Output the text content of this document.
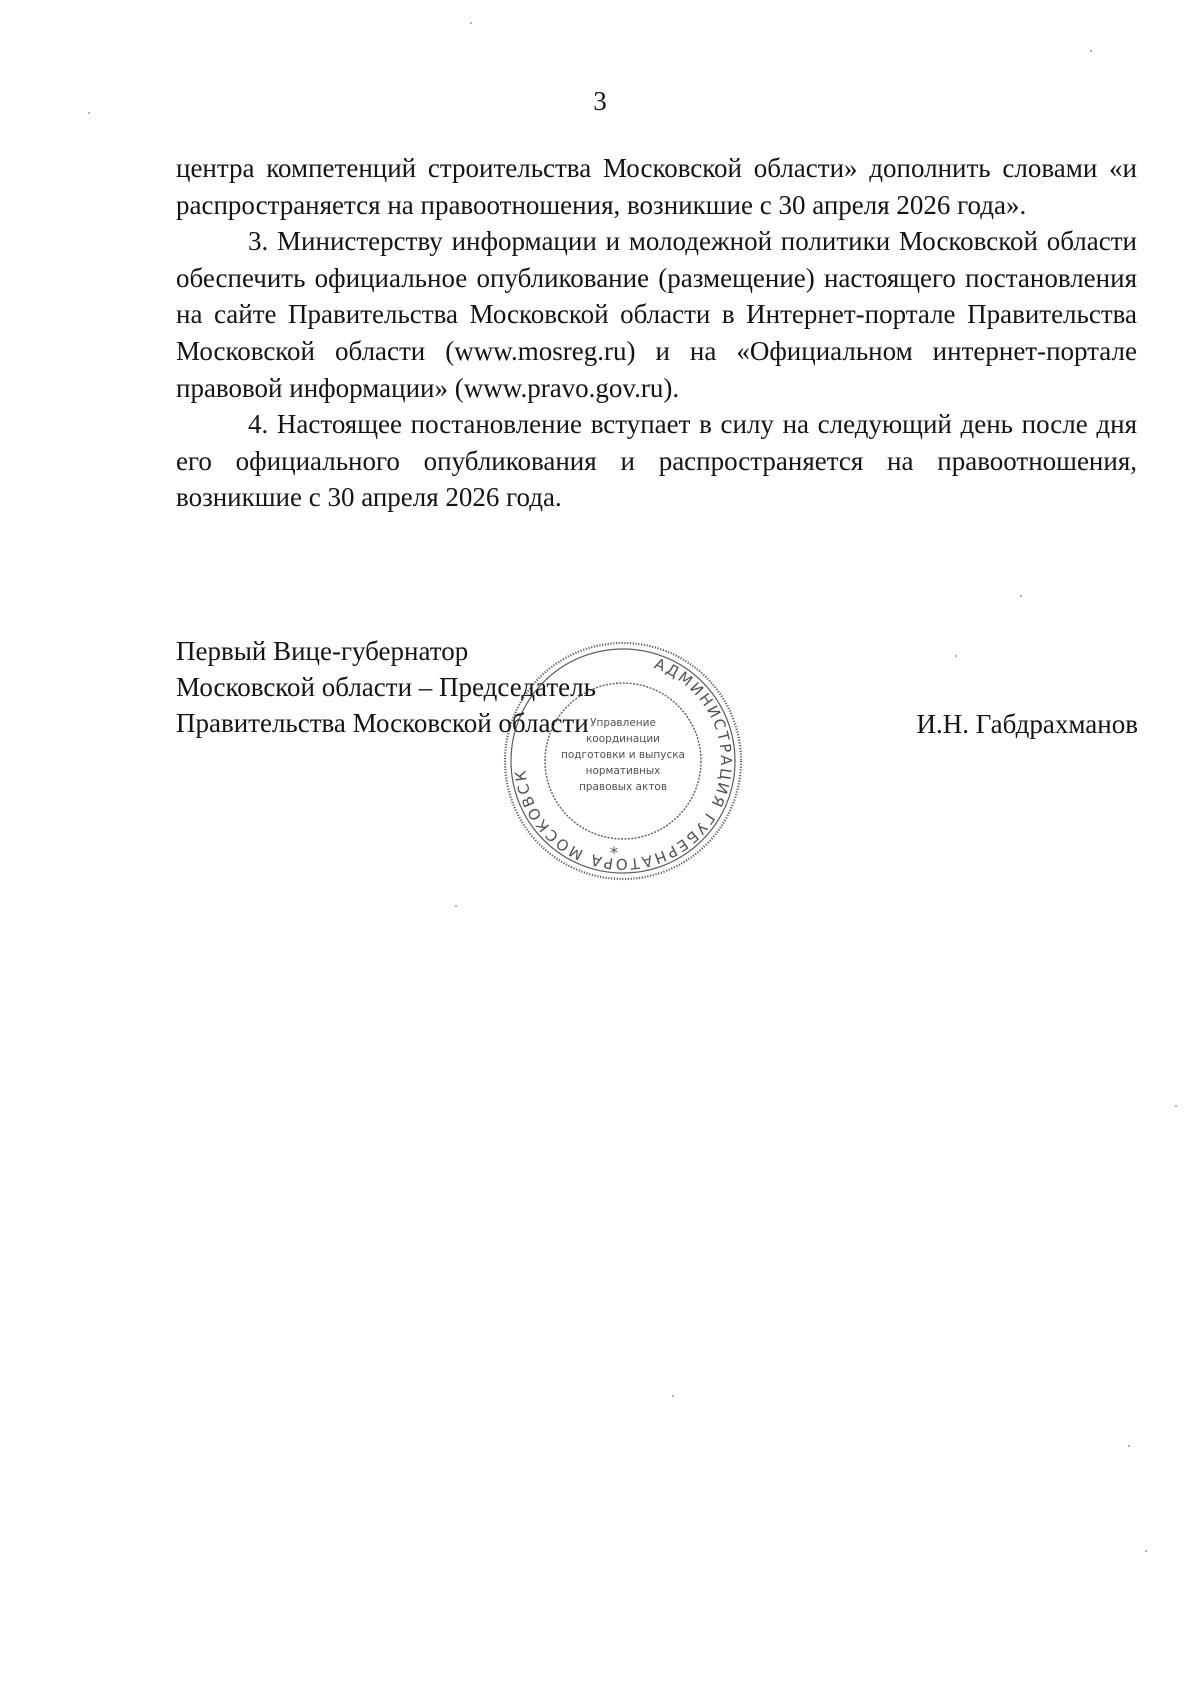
3

центра компетенций строительства Московской области» дополнить словами «и распространяется на правоотношения, возникшие с 30 апреля 2026 года».

3. Министерству информации и молодежной политики Московской области обеспечить официальное опубликование (размещение) настоящего постановления на сайте Правительства Московской области в Интернет-портале Правительства Московской области (www.mosreg.ru) и на «Официальном интернет-портале правовой информации» (www.pravo.gov.ru).

4. Настоящее постановление вступает в силу на следующий день после дня его официального опубликования и распространяется на правоотношения, возникшие с 30 апреля 2026 года.

Первый Вице-губернатор
Московской области – Председатель
Правительства Московской области	И.Н. Габдрахманов
АДМИНИСТРАЦИЯ ГУБЕРНАТОРА МОСКОВСК
*
Управление
координации
подготовки и выпуска
нормативных
правовых актов
